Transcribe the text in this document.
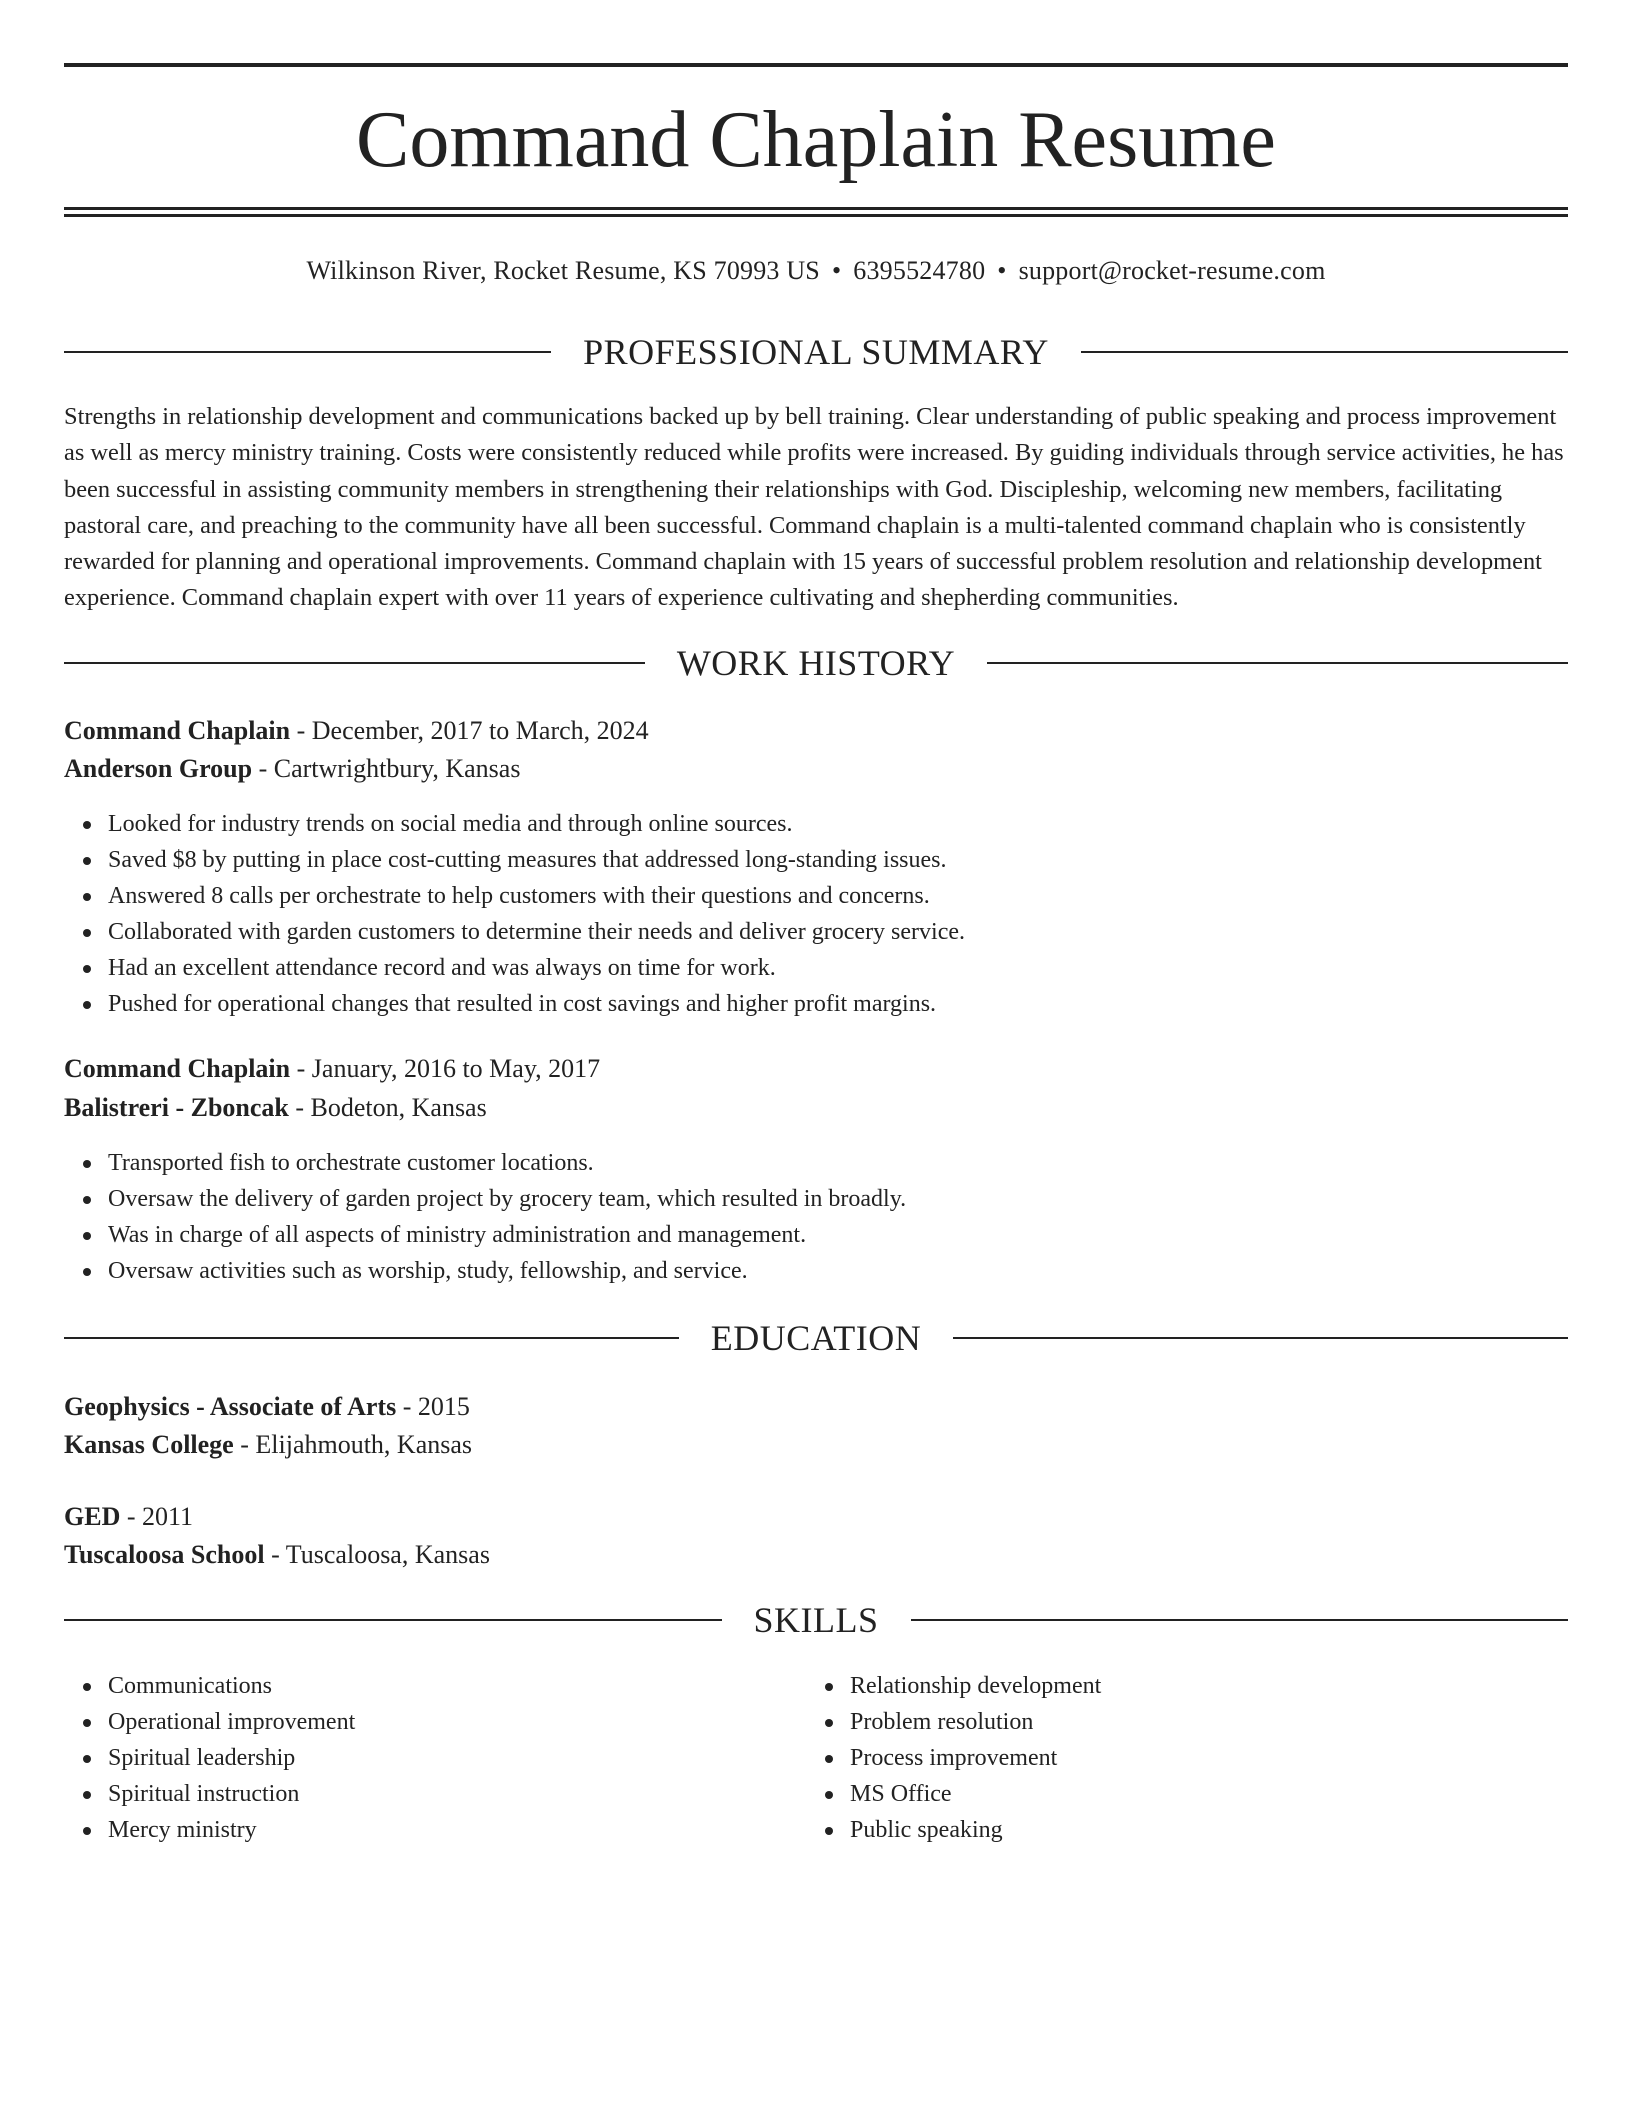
Command Chaplain Resume
Wilkinson River, Rocket Resume, KS 70993 US • 6395524780 • support@rocket-resume.com
PROFESSIONAL SUMMARY

Strengths in relationship development and communications backed up by bell training. Clear understanding of public speaking and process improvement as well as mercy ministry training. Costs were consistently reduced while profits were increased. By guiding individuals through service activities, he has been successful in assisting community members in strengthening their relationships with God. Discipleship, welcoming new members, facilitating pastoral care, and preaching to the community have all been successful. Command chaplain is a multi-talented command chaplain who is consistently rewarded for planning and operational improvements. Command chaplain with 15 years of successful problem resolution and relationship development experience. Command chaplain expert with over 11 years of experience cultivating and shepherding communities.

WORK HISTORY
Command Chaplain - December, 2017 to March, 2024
Anderson Group - Cartwrightbury, Kansas
Looked for industry trends on social media and through online sources.
Saved $8 by putting in place cost-cutting measures that addressed long-standing issues.
Answered 8 calls per orchestrate to help customers with their questions and concerns.
Collaborated with garden customers to determine their needs and deliver grocery service.
Had an excellent attendance record and was always on time for work.
Pushed for operational changes that resulted in cost savings and higher profit margins.
Command Chaplain - January, 2016 to May, 2017
Balistreri - Zboncak - Bodeton, Kansas
Transported fish to orchestrate customer locations.
Oversaw the delivery of garden project by grocery team, which resulted in broadly.
Was in charge of all aspects of ministry administration and management.
Oversaw activities such as worship, study, fellowship, and service.
EDUCATION
Geophysics - Associate of Arts - 2015
Kansas College - Elijahmouth, Kansas
GED - 2011
Tuscaloosa School - Tuscaloosa, Kansas
SKILLS
Communications
Operational improvement
Spiritual leadership
Spiritual instruction
Mercy ministry
Relationship development
Problem resolution
Process improvement
MS Office
Public speaking
